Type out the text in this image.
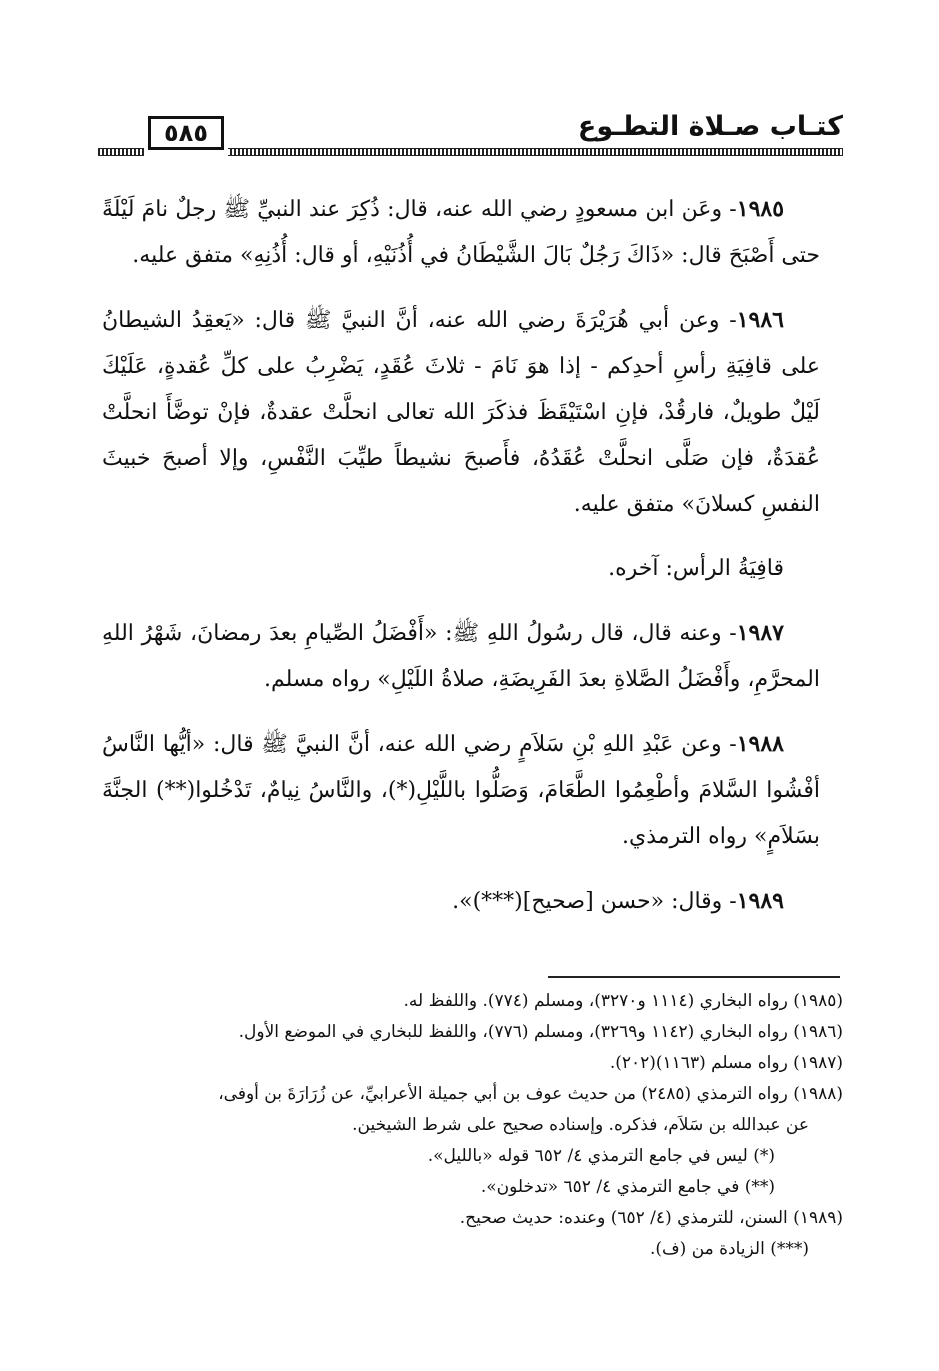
كتـاب صـلاة التطـوع
٥٨٥

١٩٨٥- وعَن ابن مسعودٍ رضي الله عنه، قال: ذُكِرَ عند النبيِّ ﷺ رجلٌ نامَ لَيْلَةً حتى أَصْبَحَ قال: «ذَاكَ رَجُلٌ بَالَ الشَّيْطَانُ في أُذُنَيْهِ، أو قال: أُذُنِهِ» متفق عليه.

١٩٨٦- وعن أبي هُرَيْرَةَ رضي الله عنه، أنَّ النبيَّ ﷺ قال: «يَعقِدُ الشيطانُ على قافِيَةِ رأسِ أحدِكم - إذا هوَ نَامَ - ثلاثَ عُقَدٍ، يَضْرِبُ على كلِّ عُقدةٍ، عَلَيْكَ لَيْلٌ طويلٌ، فارقُدْ، فإنِ اسْتَيْقَظَ فذكَرَ الله تعالى انحلَّتْ عقدةٌ، فإنْ توضَّأَ انحلَّتْ عُقدَةٌ، فإن صَلَّى انحلَّتْ عُقَدُهُ، فأَصبحَ نشيطاً طيِّبَ النَّفْسِ، وإلا أصبحَ خبيثَ النفسِ كسلانَ» متفق عليه.

قافِيَةُ الرأس: آخره.

١٩٨٧- وعنه قال، قال رسُولُ اللهِ ﷺ: «أَفْضَلُ الصِّيامِ بعدَ رمضانَ، شَهْرُ اللهِ المحرَّمِ، وأَفْضَلُ الصَّلاةِ بعدَ الفَرِيضَةِ، صلاةُ اللَيْلِ» رواه مسلم.

١٩٨٨- وعن عَبْدِ اللهِ بْنِ سَلاَمٍ رضي الله عنه، أنَّ النبيَّ ﷺ قال: «أيُّها النَّاسُ أفْشُوا السَّلامَ وأطْعِمُوا الطَّعَامَ، وَصَلُّوا باللَّيْلِ(*)، والنَّاسُ نِيامٌ، تَدْخُلوا(**) الجنَّةَ بسَلاَمٍ» رواه الترمذي.

١٩٨٩- وقال: «حسن [صحيح](***)».

(١٩٨٥) رواه البخاري (١١١٤ و٣٢٧٠)، ومسلم (٧٧٤). واللفظ له.

(١٩٨٦) رواه البخاري (١١٤٢ و٣٢٦٩)، ومسلم (٧٧٦)، واللفظ للبخاري في الموضع الأول.

(١٩٨٧) رواه مسلم (١١٦٣)(٢٠٢).

(١٩٨٨) رواه الترمذي (٢٤٨٥) من حديث عوف بن أبي جميلة الأعرابيِّ، عن زُرَارَةَ بن أوفى،

عن عبدالله بن سَلاَم، فذكره. وإسناده صحيح على شرط الشيخين.

(*) ليس في جامع الترمذي ٤/ ٦٥٢ قوله «بالليل».

(**) في جامع الترمذي ٤/ ٦٥٢ «تدخلون».

(١٩٨٩) السنن، للترمذي (٤/ ٦٥٢) وعنده: حديث صحيح.

(***) الزيادة من (ف).
